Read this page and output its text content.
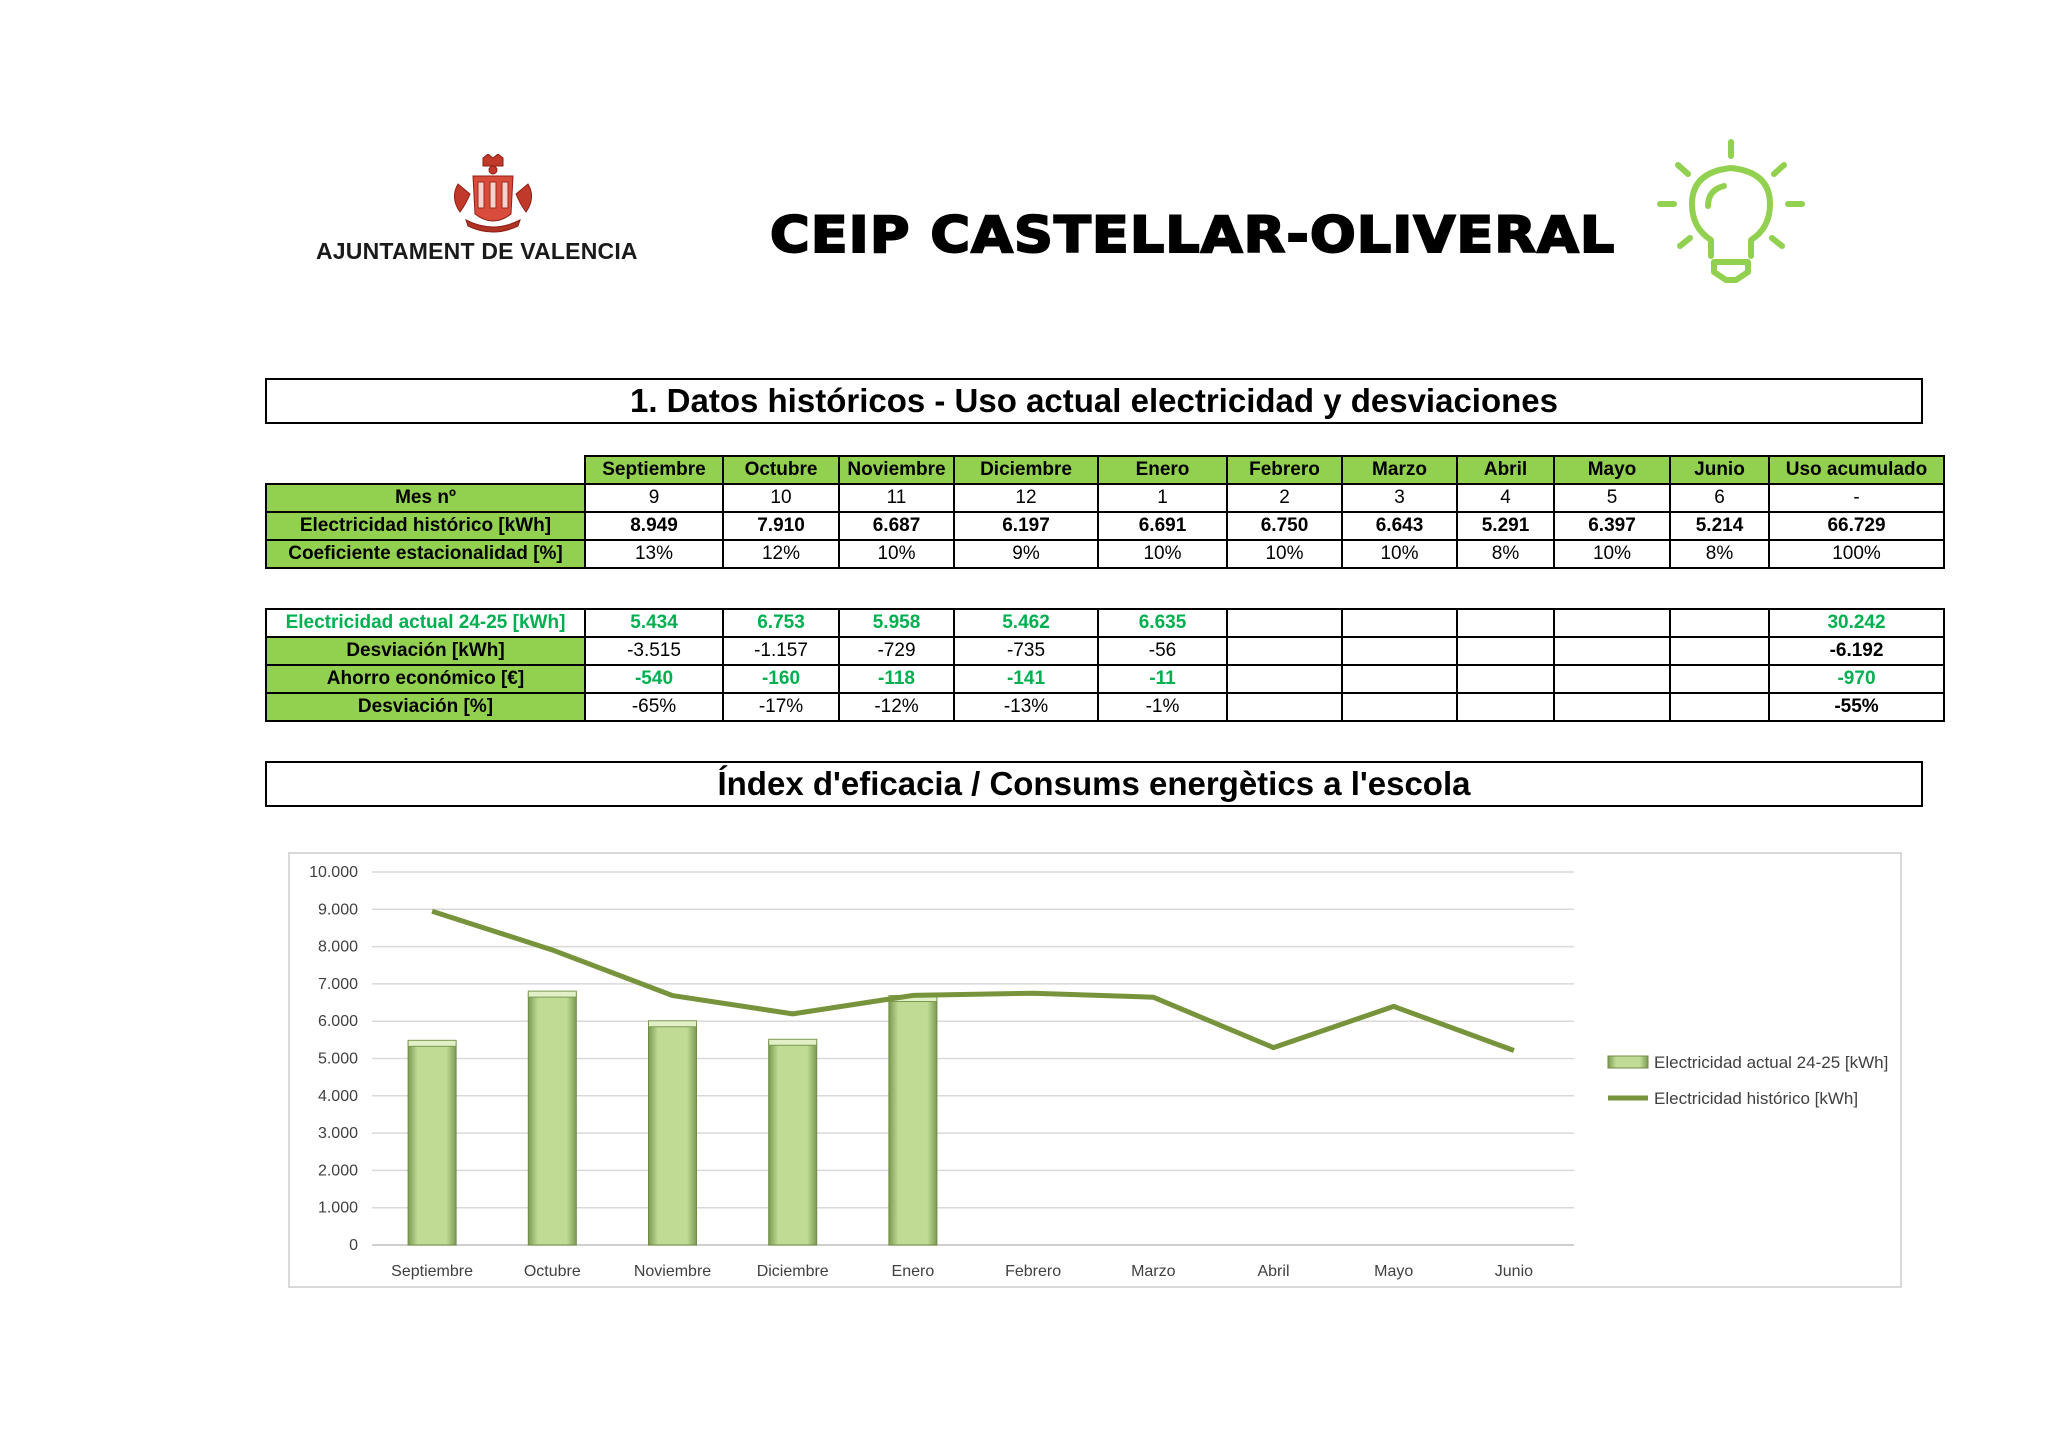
AJUNTAMENT DE VALENCIA	CEIP CASTELLAR-OLIVERAL
1. Datos históricos - Uso actual electricidad y desviaciones
	Septiembre	Octubre	Noviembre	Diciembre	Enero	Febrero	Marzo	Abril	Mayo	Junio	Uso acumulado
Mes nº	9	10	11	12	1	2	3	4	5	6	-
Electricidad histórico [kWh]	8.949	7.910	6.687	6.197	6.691	6.750	6.643	5.291	6.397	5.214	66.729
Coeficiente estacionalidad [%]	13%	12%	10%	9%	10%	10%	10%	8%	10%	8%	100%
Electricidad actual 24-25 [kWh]	5.434	6.753	5.958	5.462	6.635						30.242
Desviación [kWh]	-3.515	-1.157	-729	-735	-56						-6.192
Ahorro económico [€]	-540	-160	-118	-141	-11						-970
Desviación [%]	-65%	-17%	-12%	-13%	-1%						-55%
Índex d'eficacia / Consums energètics a l'escola
0
1.000
2.000
3.000
4.000
5.000
6.000
7.000
8.000
9.000
10.000
Septiembre	Octubre	Noviembre	Diciembre	Enero	Febrero	Marzo	Abril	Mayo	Junio
Electricidad actual 24-25 [kWh]
Electricidad histórico [kWh]
